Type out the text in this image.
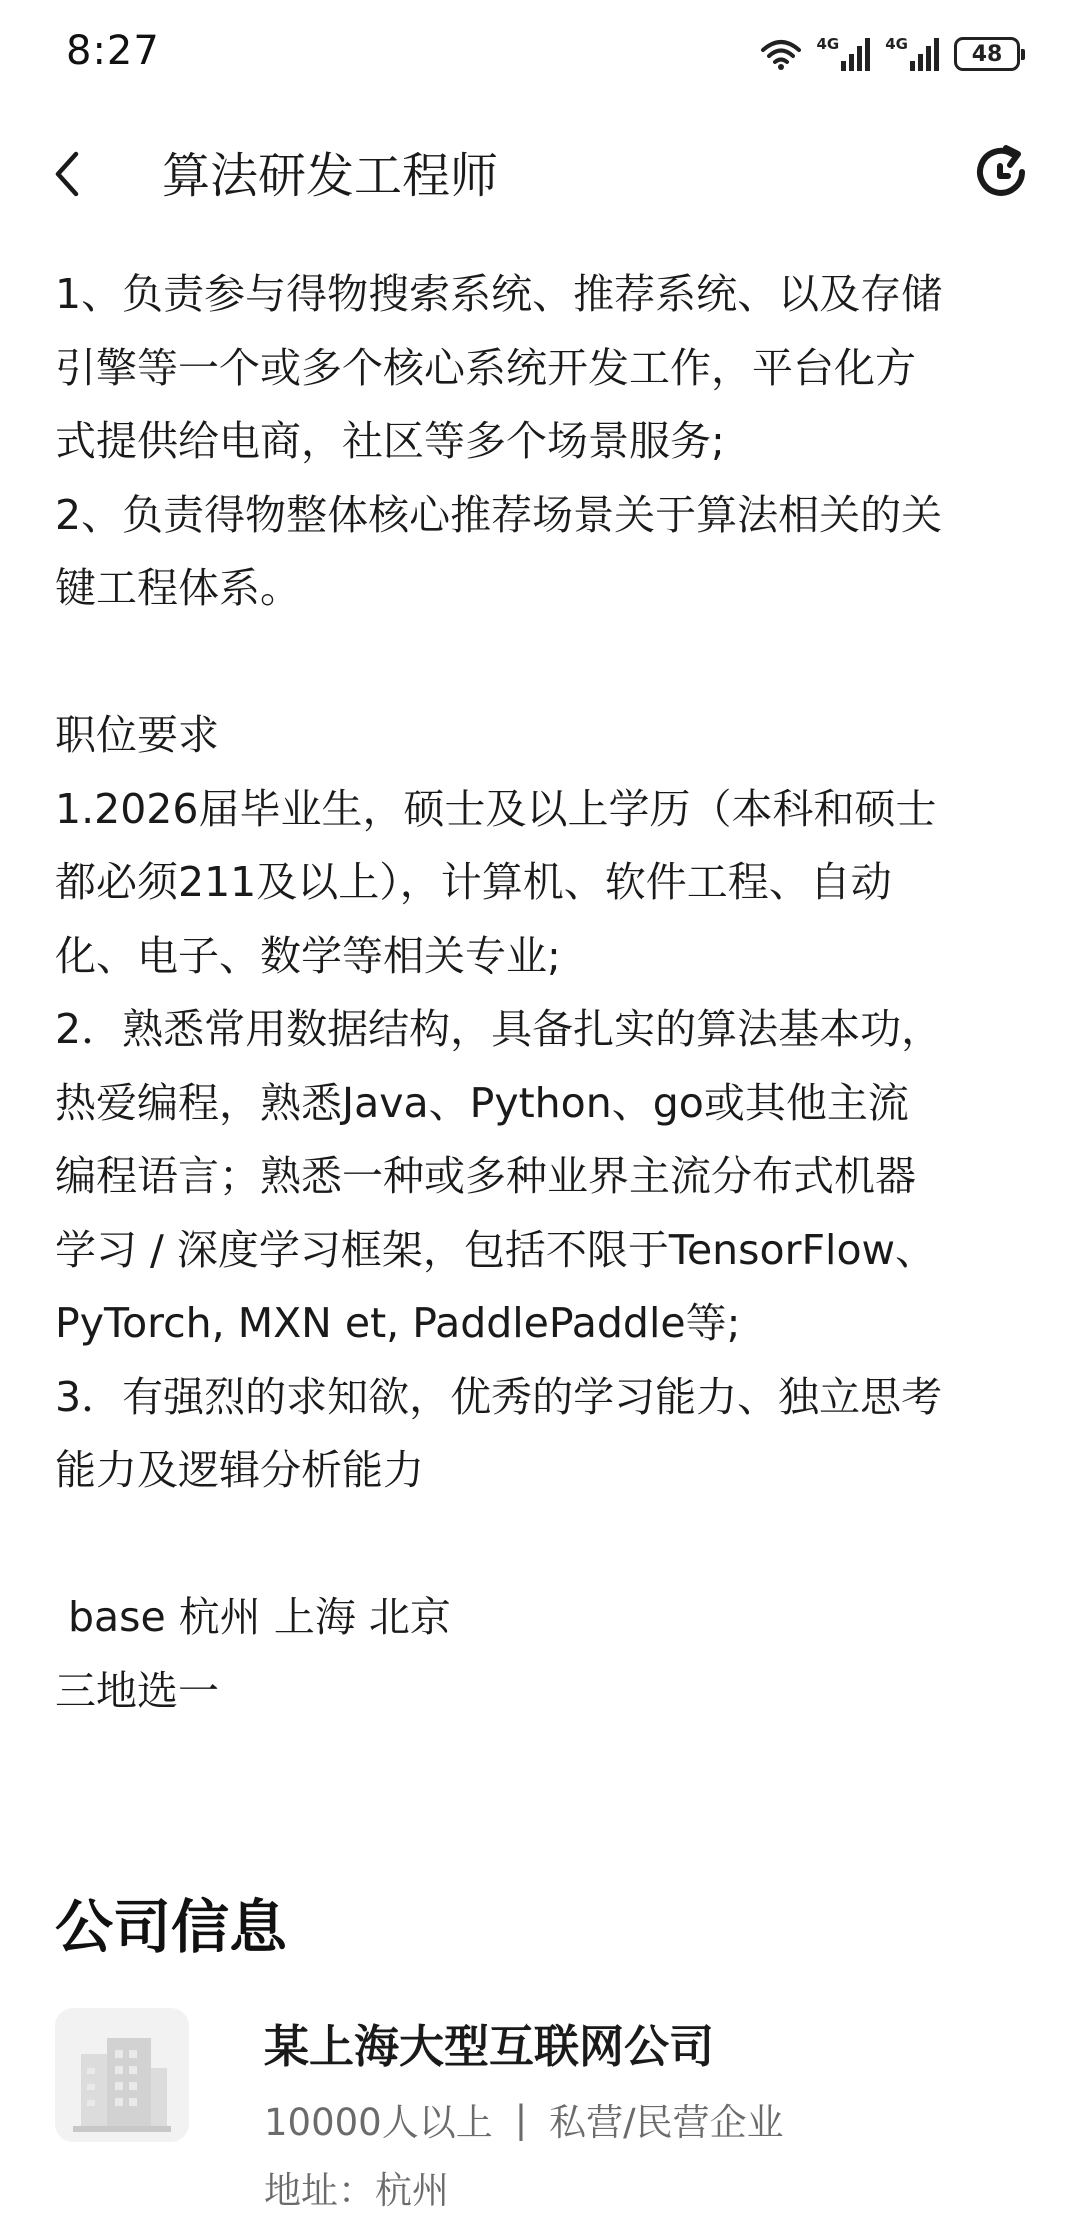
8:27	4G	4G	48
算法研发工程师
1、负责参与得物搜索系统、推荐系统、以及存储
引擎等一个或多个核心系统开发工作，平台化方
式提供给电商，社区等多个场景服务;
2、负责得物整体核心推荐场景关于算法相关的关
键工程体系。
职位要求
1.2026届毕业生，硕士及以上学历（本科和硕士
都必须211及以上），计算机、软件工程、自动
化、电子、数学等相关专业;
2．熟悉常用数据结构，具备扎实的算法基本功，
热爱编程，熟悉Java、Python、go或其他主流
编程语言；熟悉一种或多种业界主流分布式机器
学习 / 深度学习框架，包括不限于TensorFlow、
PyTorch, MXN et, PaddlePaddle等;
3．有强烈的求知欲，优秀的学习能力、独立思考
能力及逻辑分析能力
base 杭州 上海 北京
三地选一
公司信息
某上海大型互联网公司
10000人以上 | 私营/民营企业
地址：杭州
